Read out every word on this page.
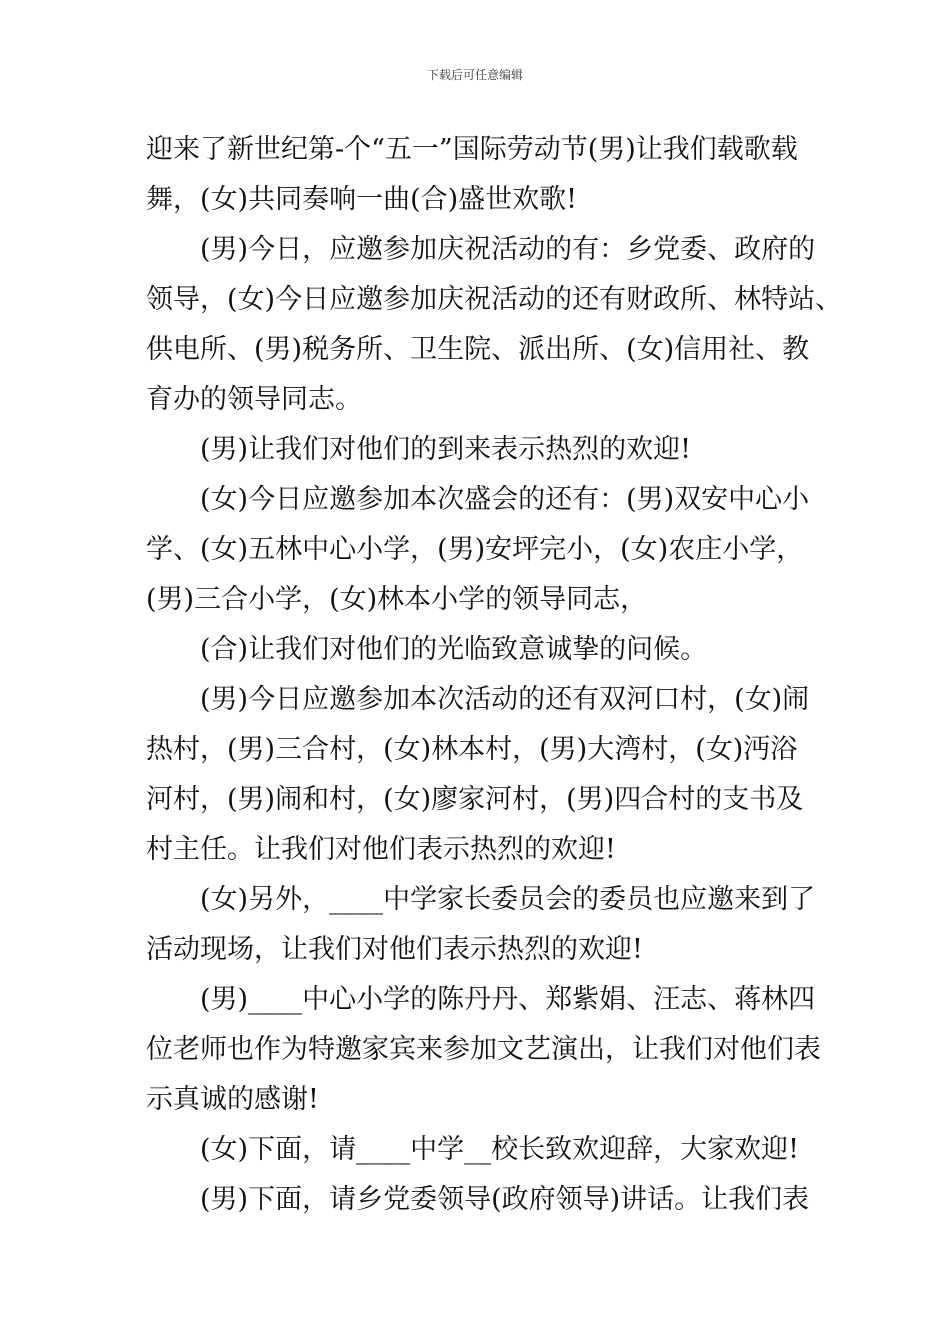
下载后可任意编辑
迎来了新世纪第-个“五一”国际劳动节(男)让我们载歌载
舞，(女)共同奏响一曲(合)盛世欢歌!
(男)今日，应邀参加庆祝活动的有：乡党委、政府的
领导，(女)今日应邀参加庆祝活动的还有财政所、林特站、
供电所、(男)税务所、卫生院、派出所、(女)信用社、教
育办的领导同志。
(男)让我们对他们的到来表示热烈的欢迎!
(女)今日应邀参加本次盛会的还有：(男)双安中心小
学、(女)五林中心小学，(男)安坪完小，(女)农庄小学，
(男)三合小学，(女)林本小学的领导同志，
(合)让我们对他们的光临致意诚挚的问候。
(男)今日应邀参加本次活动的还有双河口村，(女)闹
热村，(男)三合村，(女)林本村，(男)大湾村，(女)沔浴
河村，(男)闹和村，(女)廖家河村，(男)四合村的支书及
村主任。让我们对他们表示热烈的欢迎!
(女)另外，____中学家长委员会的委员也应邀来到了
活动现场，让我们对他们表示热烈的欢迎!
(男)____中心小学的陈丹丹、郑紫娟、汪志、蒋林四
位老师也作为特邀家宾来参加文艺演出，让我们对他们表
示真诚的感谢!
(女)下面，请____中学__校长致欢迎辞，大家欢迎!
(男)下面，请乡党委领导(政府领导)讲话。让我们表
